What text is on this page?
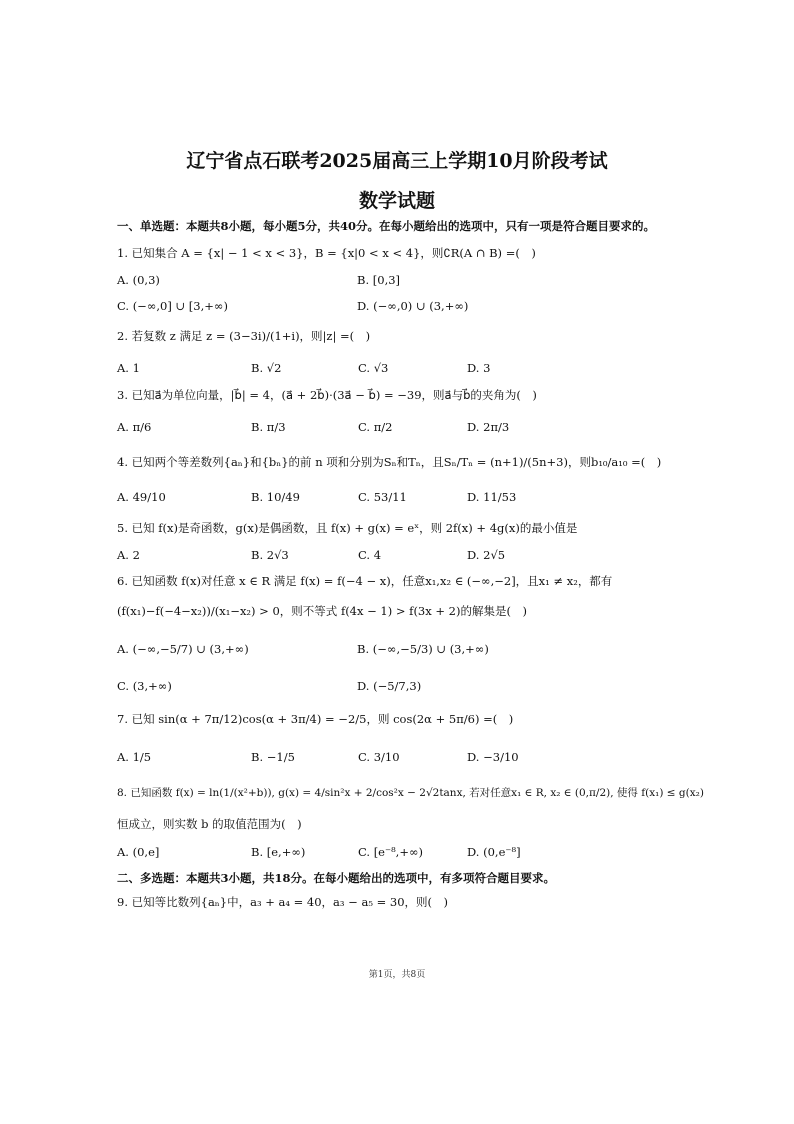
辽宁省点石联考2025届高三上学期10月阶段考试
数学试题
一、单选题：本题共8小题，每小题5分，共40分。在每小题给出的选项中，只有一项是符合题目要求的。
1. 已知集合 A = {x| − 1 < x < 3}，B = {x|0 < x < 4}，则∁R(A ∩ B) =(　)
A. (0,3)	B. [0,3]
C. (−∞,0] ∪ [3,+∞)	D. (−∞,0) ∪ (3,+∞)
2. 若复数 z 满足 z = (3−3i)/(1+i)，则|z| =(　)
A. 1	B. √2	C. √3	D. 3
3. 已知a⃗为单位向量，|b⃗| = 4，(a⃗ + 2b⃗)·(3a⃗ − b⃗) = −39，则a⃗与b⃗的夹角为(　)
A. π/6	B. π/3	C. π/2	D. 2π/3
4. 已知两个等差数列{aₙ}和{bₙ}的前 n 项和分别为Sₙ和Tₙ，且Sₙ/Tₙ = (n+1)/(5n+3)，则b₁₀/a₁₀ =(　)
A. 49/10	B. 10/49	C. 53/11	D. 11/53
5. 已知 f(x)是奇函数，g(x)是偶函数，且 f(x) + g(x) = eˣ，则 2f(x) + 4g(x)的最小值是
A. 2	B. 2√3	C. 4	D. 2√5
6. 已知函数 f(x)对任意 x ∈ R 满足 f(x) = f(−4 − x)，任意x₁,x₂ ∈ (−∞,−2]，且x₁ ≠ x₂，都有
(f(x₁)−f(−4−x₂))/(x₁−x₂) > 0，则不等式 f(4x − 1) > f(3x + 2)的解集是(　)
A. (−∞,−5/7) ∪ (3,+∞)	B. (−∞,−5/3) ∪ (3,+∞)
C. (3,+∞)	D. (−5/7,3)
7. 已知 sin(α + 7π/12)cos(α + 3π/4) = −2/5，则 cos(2α + 5π/6) =(　)
A. 1/5	B. −1/5	C. 3/10	D. −3/10
8. 已知函数 f(x) = ln(1/(x²+b)), g(x) = 4/sin²x + 2/cos²x − 2√2tanx, 若对任意x₁ ∈ R, x₂ ∈ (0,π/2), 使得 f(x₁) ≤ g(x₂)
恒成立，则实数 b 的取值范围为(　)
A. (0,e]	B. [e,+∞)	C. [e⁻⁸,+∞)	D. (0,e⁻⁸]
二、多选题：本题共3小题，共18分。在每小题给出的选项中，有多项符合题目要求。
9. 已知等比数列{aₙ}中，a₃ + a₄ = 40，a₃ − a₅ = 30，则(　)
第1页，共8页
